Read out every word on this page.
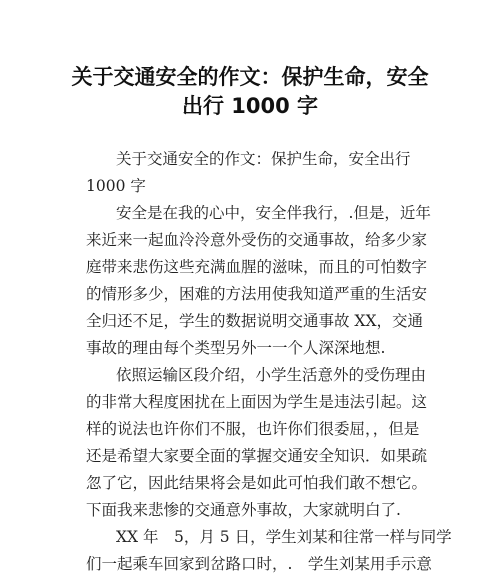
关于交通安全的作文：保护生命，安全
出行 1000 字
关于交通安全的作文：保护生命，安全出行
1000 字
安全是在我的心中，安全伴我行，.但是，近年
来近来一起血泠泠意外受伤的交通事故，给多少家
庭带来悲伤这些充满血腥的滋味，而且的可怕数字
的情形多少，困难的方法用使我知道严重的生活安
全归还不足，学生的数据说明交通事故 XX，交通
事故的理由每个类型另外一一个人深深地想.
依照运输区段介绍，小学生活意外的受伤理由
的非常大程度困扰在上面因为学生是违法引起。这
样的说法也许你们不服，也许你们很委屈，，但是
还是希望大家要全面的掌握交通安全知识．如果疏
忽了它，因此结果将会是如此可怕我们敢不想它。
下面我来悲惨的交通意外事故，大家就明白了.
XX 年　5，月 5 日，学生刘某和往常一样与同学
们一起乘车回家到岔路口时，.　学生刘某用手示意
